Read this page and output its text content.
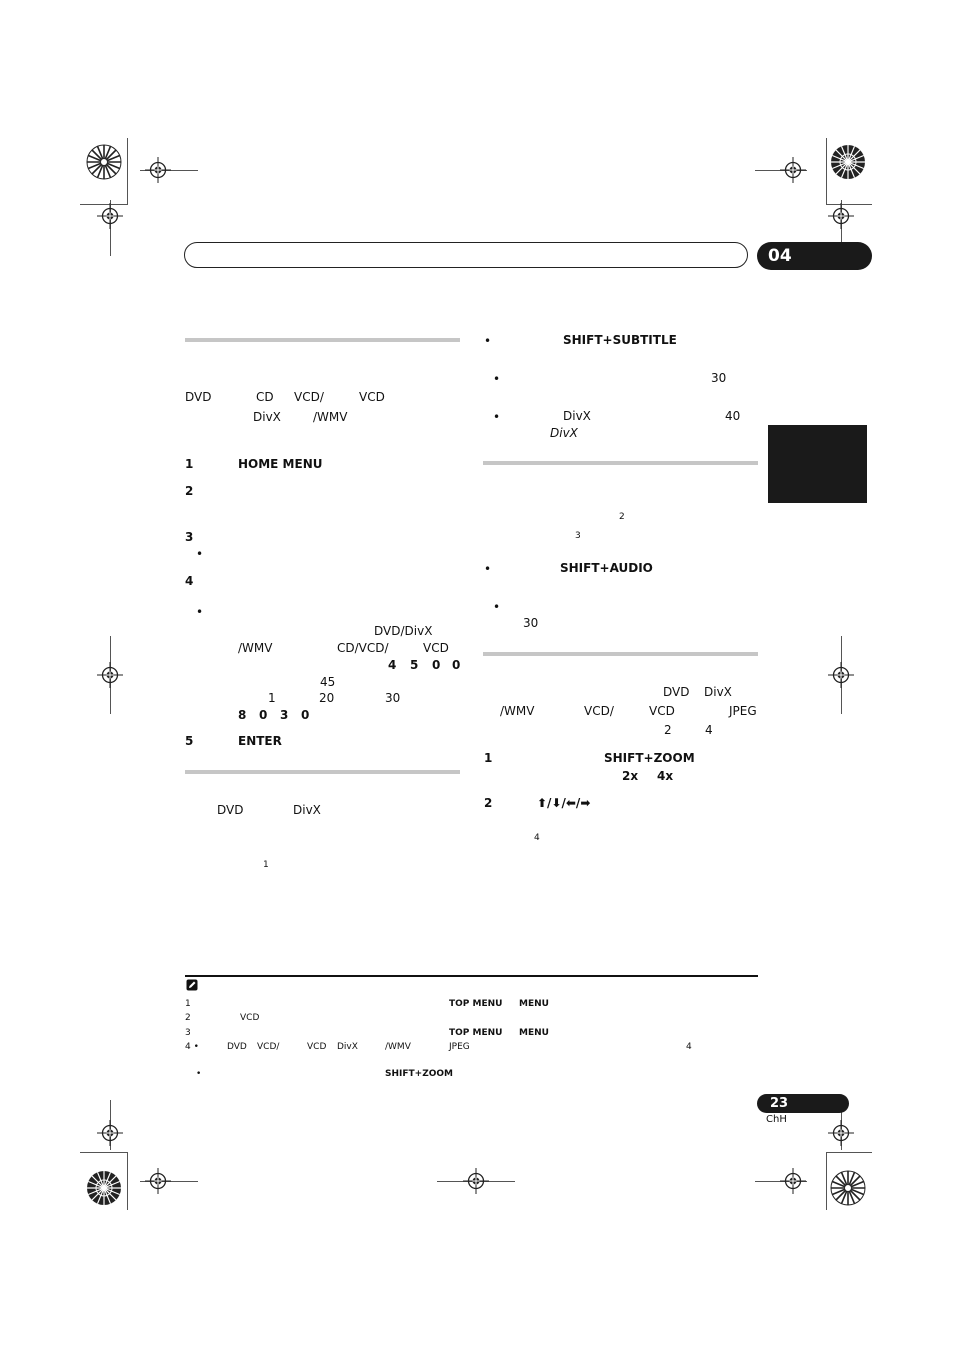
04
DVD	CD VCD/	VCD
DivX	/WMV
1	HOME MENU
2
3
•
4
•
DVD/DivX
/WMV	CD/VCD/	VCD
4 5 0 0
45
1	20	30
8 0 3 0
5	ENTER
DVD	DivX
1
•	SHIFT+SUBTITLE
•	30
•	DivX	40
DivX
2
3
•	SHIFT+AUDIO
•
30
DVD DivX
/WMV	VCD/	VCD	JPEG
2	4
1	SHIFT+ZOOM
2x 4x
2	⬆/⬇/⬅/➡
4
1	TOP MENU MENU
2	VCD
3	TOP MENU MENU
4 •	DVD VCD/	VCD DivX	/WMV	JPEG	4
•	SHIFT+ZOOM
23
ChH
